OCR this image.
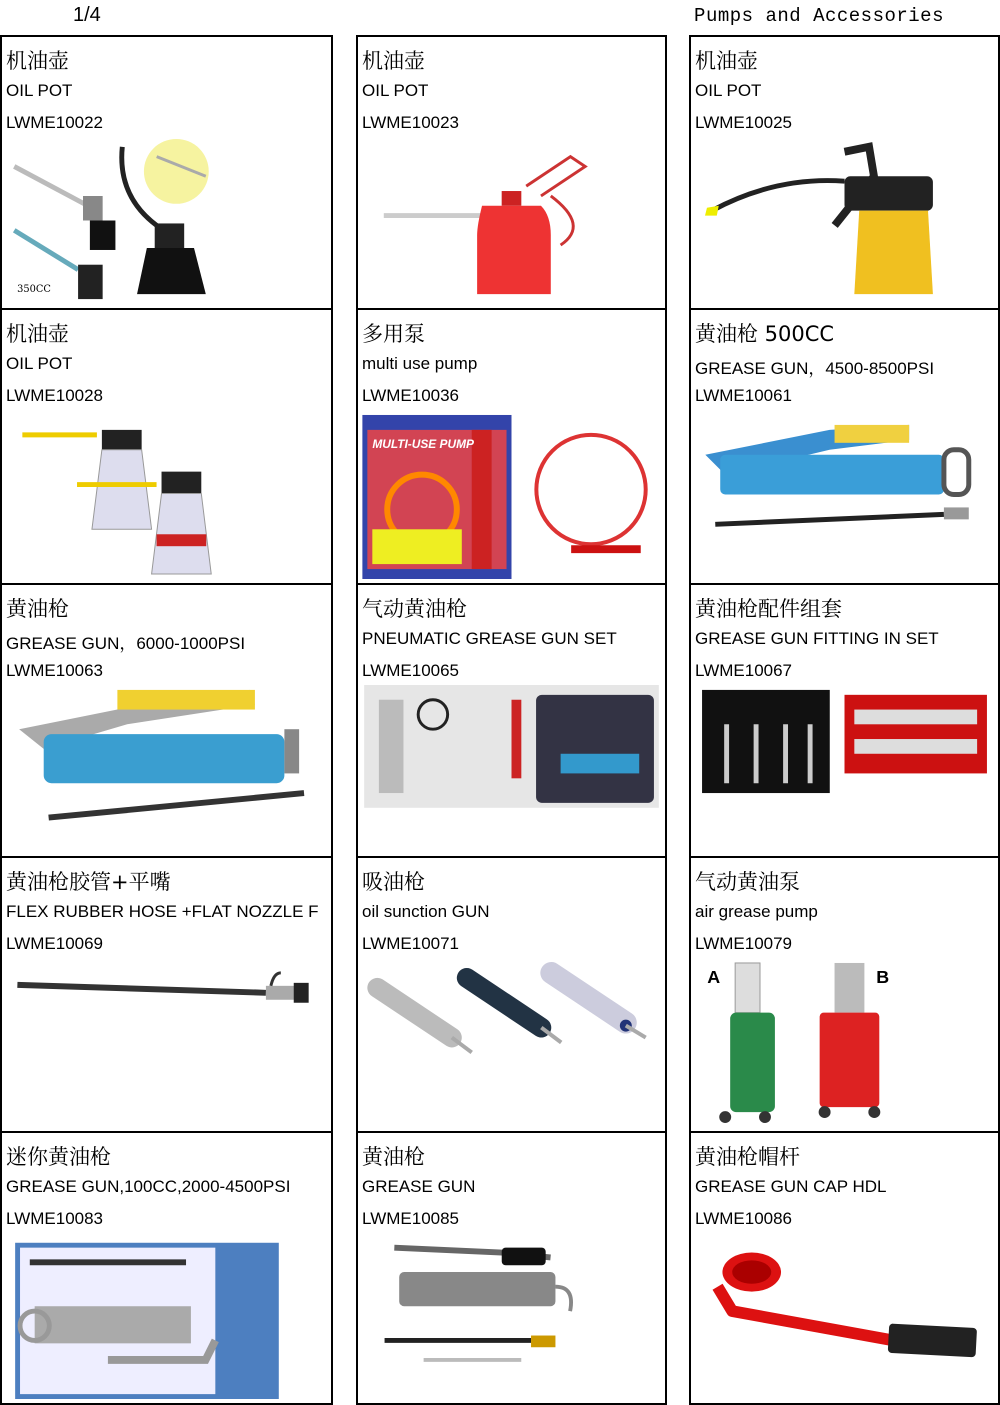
1/4	Pumps and Accessories
机油壶
OIL POT
LWME10022
350CC
机油壶
OIL POT
LWME10023
机油壶
OIL POT
LWME10025
机油壶
OIL POT
LWME10028
多用泵
multi use pump
LWME10036
MULTI-USE PUMP
黄油枪 500CC
GREASE GUN，4500-8500PSI
LWME10061
黄油枪
GREASE GUN，6000-1000PSI
LWME10063
气动黄油枪
PNEUMATIC GREASE GUN SET
LWME10065
黄油枪配件组套
GREASE GUN FITTING IN SET
LWME10067
黄油枪胶管+平嘴
FLEX RUBBER HOSE +FLAT NOZZLE F
LWME10069
吸油枪
oil sunction GUN
LWME10071
气动黄油泵
air grease pump
LWME10079
A	B
迷你黄油枪
GREASE GUN,100CC,2000-4500PSI
LWME10083
黄油枪
GREASE GUN
LWME10085
黄油枪帽杆
GREASE GUN CAP HDL
LWME10086
